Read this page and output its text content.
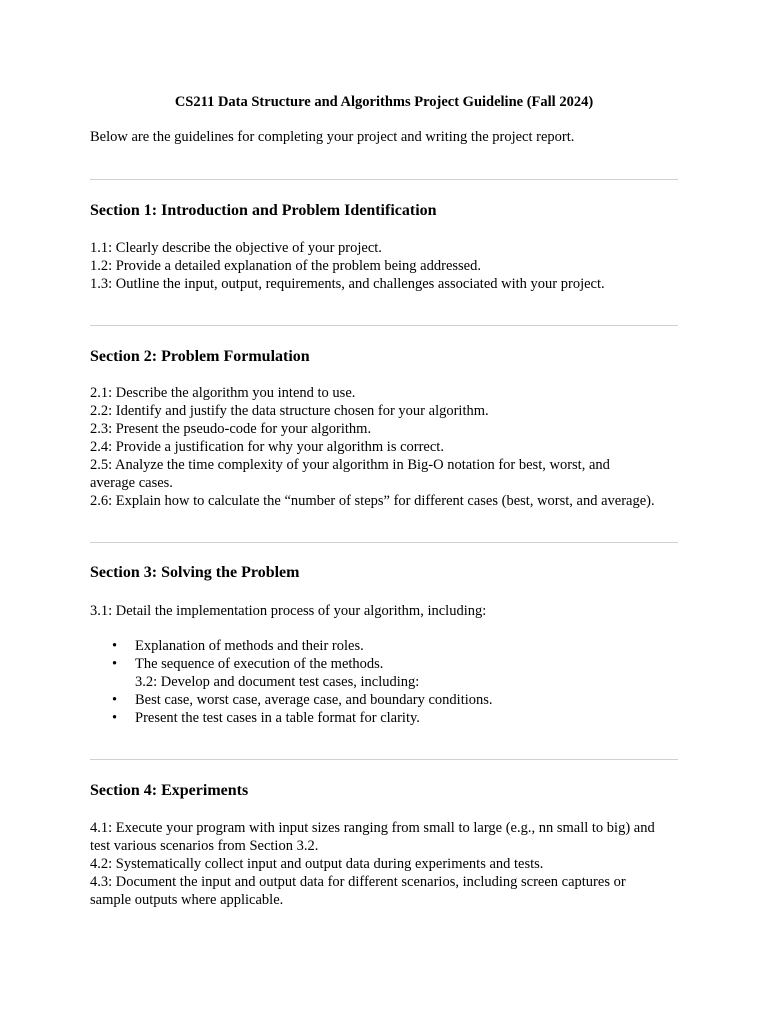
CS211 Data Structure and Algorithms Project Guideline (Fall 2024)

Below are the guidelines for completing your project and writing the project report.

Section 1: Introduction and Problem Identification
1.1: Clearly describe the objective of your project.
1.2: Provide a detailed explanation of the problem being addressed.
1.3: Outline the input, output, requirements, and challenges associated with your project.
Section 2: Problem Formulation
2.1: Describe the algorithm you intend to use.
2.2: Identify and justify the data structure chosen for your algorithm.
2.3: Present the pseudo-code for your algorithm.
2.4: Provide a justification for why your algorithm is correct.
2.5: Analyze the time complexity of your algorithm in Big-O notation for best, worst, and
average cases.
2.6: Explain how to calculate the “number of steps” for different cases (best, worst, and average).
Section 3: Solving the Problem
3.1: Detail the implementation process of your algorithm, including:
• Explanation of methods and their roles.
• The sequence of execution of the methods.
3.2: Develop and document test cases, including:
• Best case, worst case, average case, and boundary conditions.
• Present the test cases in a table format for clarity.
Section 4: Experiments
4.1: Execute your program with input sizes ranging from small to large (e.g., nn small to big) and
test various scenarios from Section 3.2.
4.2: Systematically collect input and output data during experiments and tests.
4.3: Document the input and output data for different scenarios, including screen captures or
sample outputs where applicable.
